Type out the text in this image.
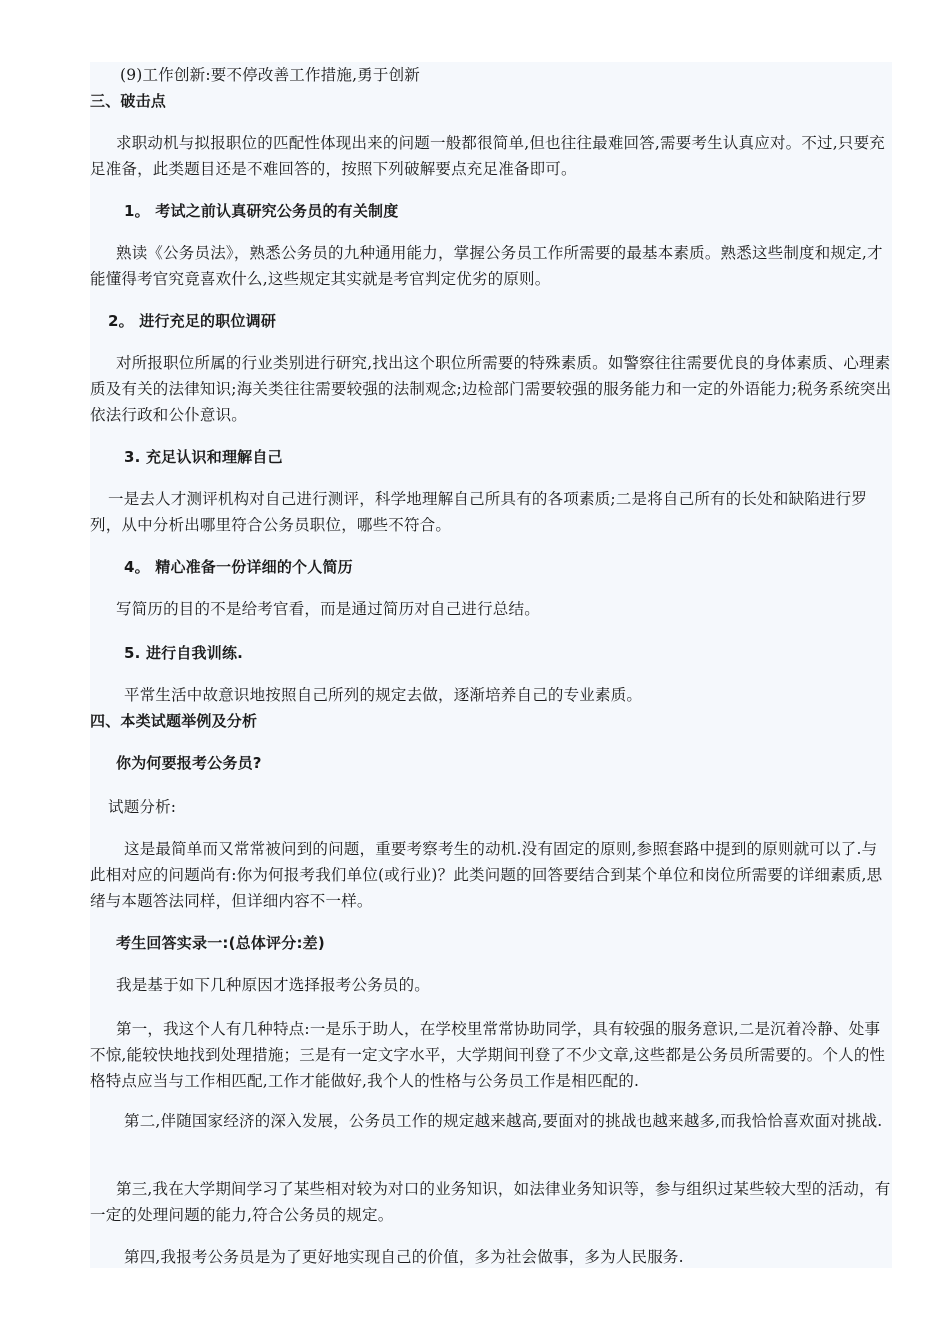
(9)工作创新:要不停改善工作措施,勇于创新

三、破击点

求职动机与拟报职位的匹配性体现出来的问题一般都很简单,但也往往最难回答,需要考生认真应对。不过,只要充足准备，此类题目还是不难回答的，按照下列破解要点充足准备即可。

1。 考试之前认真研究公务员的有关制度

熟读《公务员法》，熟悉公务员的九种通用能力，掌握公务员工作所需要的最基本素质。熟悉这些制度和规定,才能懂得考官究竟喜欢什么,这些规定其实就是考官判定优劣的原则。

2。 进行充足的职位调研

对所报职位所属的行业类别进行研究,找出这个职位所需要的特殊素质。如警察往往需要优良的身体素质、心理素质及有关的法律知识;海关类往往需要较强的法制观念;边检部门需要较强的服务能力和一定的外语能力;税务系统突出依法行政和公仆意识。

3. 充足认识和理解自己

一是去人才测评机构对自己进行测评，科学地理解自己所具有的各项素质;二是将自己所有的长处和缺陷进行罗列，从中分析出哪里符合公务员职位，哪些不符合。

4。 精心准备一份详细的个人简历

写简历的目的不是给考官看，而是通过简历对自己进行总结。

5. 进行自我训练.

平常生活中故意识地按照自己所列的规定去做，逐渐培养自己的专业素质。

四、本类试题举例及分析

你为何要报考公务员?

试题分析:

这是最简单而又常常被问到的问题，重要考察考生的动机.没有固定的原则,参照套路中提到的原则就可以了.与此相对应的问题尚有:你为何报考我们单位(或行业)？此类问题的回答要结合到某个单位和岗位所需要的详细素质,思绪与本题答法同样，但详细内容不一样。

考生回答实录一:(总体评分:差)

我是基于如下几种原因才选择报考公务员的。

第一，我这个人有几种特点:一是乐于助人，在学校里常常协助同学，具有较强的服务意识,二是沉着冷静、处事不惊,能较快地找到处理措施；三是有一定文字水平，大学期间刊登了不少文章,这些都是公务员所需要的。个人的性格特点应当与工作相匹配,工作才能做好,我个人的性格与公务员工作是相匹配的.

第二,伴随国家经济的深入发展，公务员工作的规定越来越高,要面对的挑战也越来越多,而我恰恰喜欢面对挑战.

第三,我在大学期间学习了某些相对较为对口的业务知识，如法律业务知识等，参与组织过某些较大型的活动，有一定的处理问题的能力,符合公务员的规定。

第四,我报考公务员是为了更好地实现自己的价值，多为社会做事，多为人民服务.
